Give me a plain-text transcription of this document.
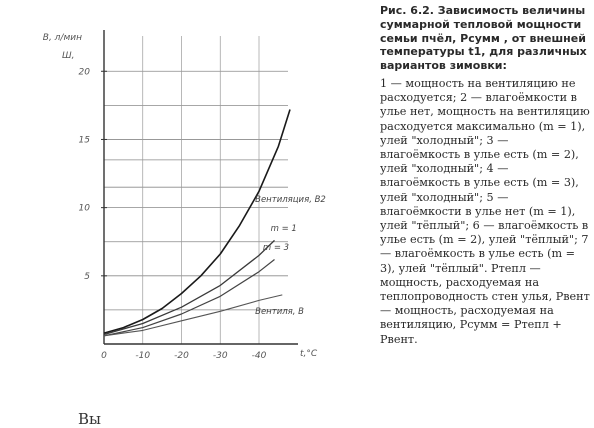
5
10
15
20
0	-10	-20	-30	-40
В, л/мин
Ш,
t,°C
Вентиляция, В2
m = 1
m = 3
Вентиля, В

Рис. 6.2. Зависимость величины суммарной тепловой мощности семьи пчёл, Pсумм , от внешней температуры t1, для различных вариантов зимовки:

1 — мощность на вентиляцию не расходуется; 2 — влагоёмкости в улье нет, мощность на вентиляцию расходуется максимально (m = 1), улей "холодный"; 3 — влагоёмкость в улье есть (m = 2), улей "холодный"; 4 — влагоёмкость в улье есть (m = 3), улей "холодный"; 5 — влагоёмкости в улье нет (m = 1), улей "тёплый"; 6 — влагоёмкость в улье есть (m = 2), улей "тёплый"; 7 — влагоёмкость в улье есть (m = 3), улей "тёплый". Pтепл — мощность, расходуемая на теплопроводность стен улья, Pвент — мощность, расходуемая на вентиляцию, Pсумм = Pтепл + Pвент.

Вы
